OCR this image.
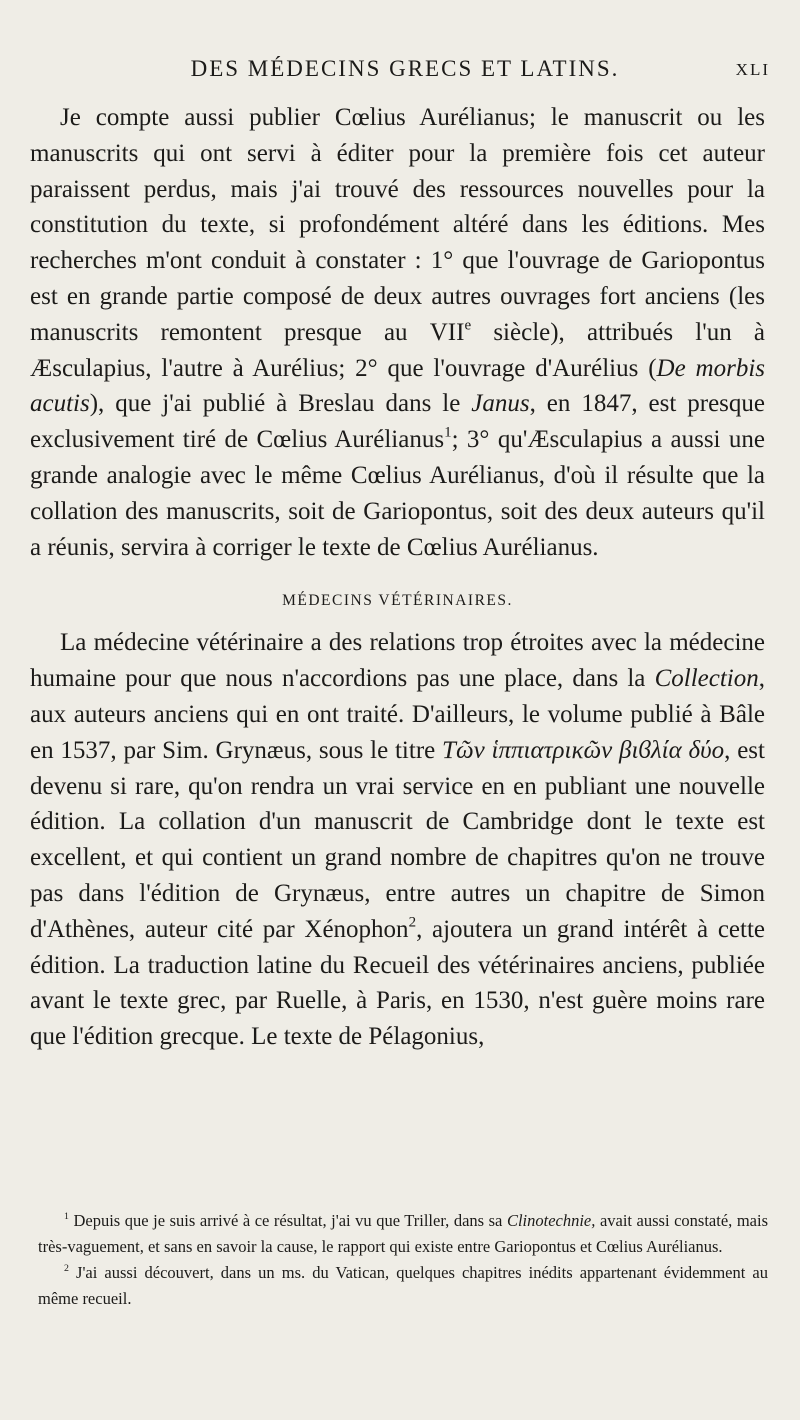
DES MÉDECINS GRECS ET LATINS.	XLI

Je compte aussi publier Cœlius Aurélianus; le manuscrit ou les manuscrits qui ont servi à éditer pour la première fois cet auteur paraissent perdus, mais j'ai trouvé des ressources nouvelles pour la constitution du texte, si profondément altéré dans les éditions. Mes recherches m'ont conduit à constater : 1° que l'ouvrage de Gariopontus est en grande partie composé de deux autres ouvrages fort anciens (les manuscrits remontent presque au VIIe siècle), attribués l'un à Æsculapius, l'autre à Aurélius; 2° que l'ouvrage d'Aurélius (De morbis acutis), que j'ai publié à Breslau dans le Janus, en 1847, est presque exclusivement tiré de Cœlius Aurélianus$^1$; 3° qu'Æsculapius a aussi une grande analogie avec le même Cœlius Aurélianus, d'où il résulte que la collation des manuscrits, soit de Gariopontus, soit des deux auteurs qu'il a réunis, servira à corriger le texte de Cœlius Aurélianus.

MÉDECINS VÉTÉRINAIRES.

La médecine vétérinaire a des relations trop étroites avec la médecine humaine pour que nous n'accordions pas une place, dans la Collection, aux auteurs anciens qui en ont traité. D'ailleurs, le volume publié à Bâle en 1537, par Sim. Grynæus, sous le titre Τῶν ἱππιατρικῶν βιϐλία δύο, est devenu si rare, qu'on rendra un vrai service en en publiant une nouvelle édition. La collation d'un manuscrit de Cambridge dont le texte est excellent, et qui contient un grand nombre de chapitres qu'on ne trouve pas dans l'édition de Grynæus, entre autres un chapitre de Simon d'Athènes, auteur cité par Xénophon$^2$, ajoutera un grand intérêt à cette édition. La traduction latine du Recueil des vétérinaires anciens, publiée avant le texte grec, par Ruelle, à Paris, en 1530, n'est guère moins rare que l'édition grecque. Le texte de Pélagonius,

$^1$ Depuis que je suis arrivé à ce résultat, j'ai vu que Triller, dans sa Clinotechnie, avait aussi constaté, mais très-vaguement, et sans en savoir la cause, le rapport qui existe entre Gariopontus et Cœlius Aurélianus.

$^2$ J'ai aussi découvert, dans un ms. du Vatican, quelques chapitres inédits appartenant évidemment au même recueil.
